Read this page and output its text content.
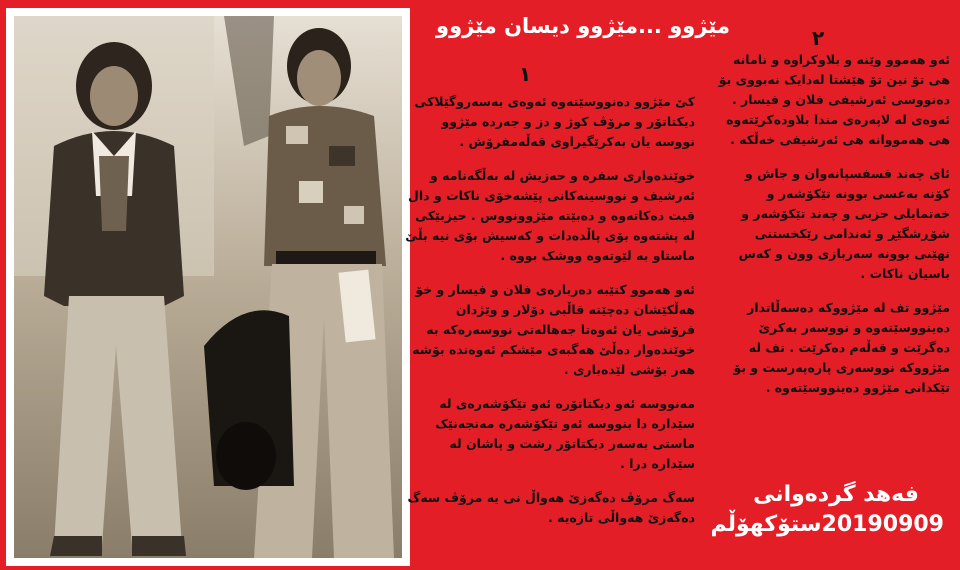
مێژوو ...مێژوو دیسان مێژوو
١

کێ مێژوو دەنووسێتەوە ئەوەی بەسەروگێلاکی دیکتاتۆر و مرۆڤ کوژ و دز و جەردە مێژوو نووسە یان بەکرێگیراوی قەڵەمفرۆش .

خوێندەواری سفرە و حەزیش لە بەڵگەنامە و ئەرشیف و نووسینەکانی پێشەخۆی ناکات و دال قیت دەکاتەوە و دەبێتە مێژوونووس . حیزبێکی لە پشتەوە بۆی پاڵدەدات و کەسیش بۆی نیە بڵێ ماستاو بە لێوتەوە ووشک بووە .

ئەو هەموو کتێبە دەربارەی فلان و فیسار و خۆ هەڵکێشان دەچێتە قاڵبی دۆلار و وێژدان فرۆشی یان ئەوەتا جەهالەتی نووسەرەکە بە خوێندەوار دەڵێ هەگبەی مێشکم ئەوەندە بۆشە هەر بۆشی لێدەباری .

مەنووسە ئەو دیکتاتۆرە ئەو تێکۆشەرەی لە سێدارە دا بنووسە ئەو تێکۆشەرە مەنجەنێک ماستی بەسەر دیکتاتۆر رشت و پاشان لە سێدارە درا .

سەگ مرۆڤ دەگەزێ هەواڵ نی یە مرۆڤ سەگ دەگەزێ هەواڵی تازەیە .

٢

ئەو هەموو وێنە و بلاوکراوە و نامانە هی تۆ نین تۆ هێشتا لەدایک نەبووی بۆ دەنووسی ئەرشیفی فلان و فیسار . ئەوەی لە لاپەرەی مندا بلاودەکرێتەوە هی هەمووانە هی ئەرشیفی خەڵکە .

ئای چەند فسفسپانەوان و جاش و کۆنە بەعسی بوونە تێکۆشەر و خەتمایلی حزبی و چەند تێکۆشەر و شۆڕشگێڕ و ئەندامی رێکخستنی نهێنی بوونە سەربازی وون و کەس باسیان ناکات .

مێژوو تف لە مێژووکە دەسەڵاتدار دەینووسێتەوە و نووسەر بەکرێ دەگرێت و قەڵەم دەکرێت . تف لە مێژووکە نووسەری پارەپەرست و بۆ تێکدانی مێژوو دەینووسێتەوە .

فەهد گردەوانی
20190909ستۆکهۆڵم
